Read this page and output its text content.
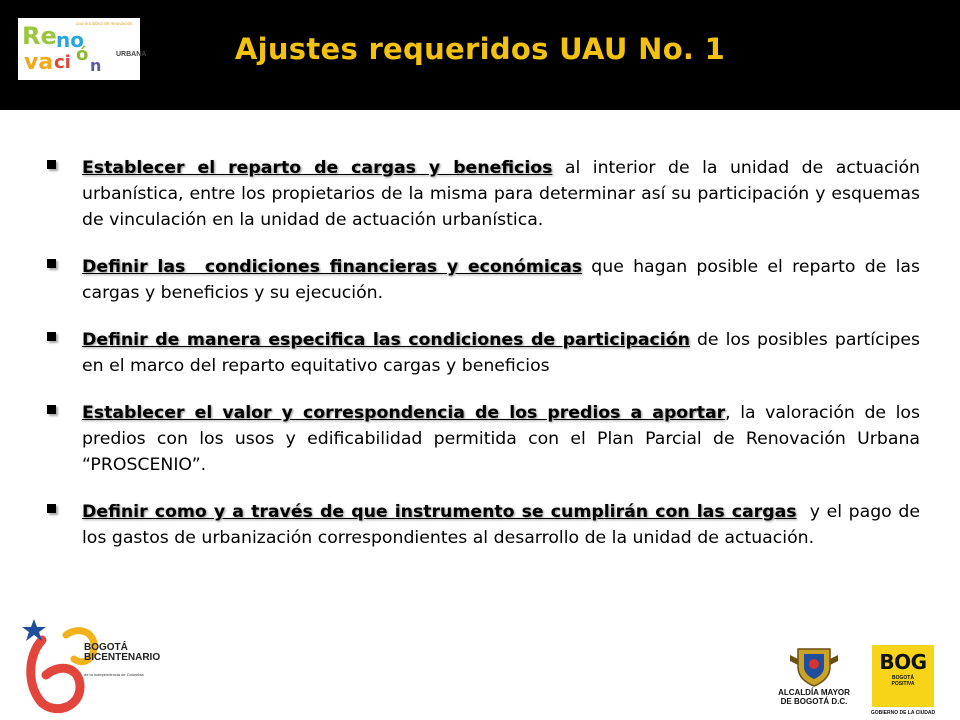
una iniciativa de renovación
Re no
va ci ó
n
URBANA	Ajustes requeridos UAU No. 1
Establecer el reparto de cargas y beneficios al interior de la unidad de actuación urbanística, entre los propietarios de la misma para determinar así su participación y esquemas de vinculación en la unidad de actuación urbanística.
Definir las  condiciones financieras y económicas que hagan posible el reparto de las cargas y beneficios y su ejecución.
Definir de manera especifica las condiciones de participación de los posibles partícipes en el marco del reparto equitativo cargas y beneficios
Establecer el valor y correspondencia de los predios a aportar, la valoración de los predios con los usos y edificabilidad permitida con el Plan Parcial de Renovación Urbana “PROSCENIO”.
Definir como y a través de que instrumento se cumplirán con las cargas  y el pago de los gastos de urbanización correspondientes al desarrollo de la unidad de actuación.
BOGOTÁ
BICENTENARIO
de la Independencia de Colombia
ALCALDÍA MAYOR
DE BOGOTÁ D.C.
BOG
BOGOTÁ
POSITIVA
GOBIERNO DE LA CIUDAD
